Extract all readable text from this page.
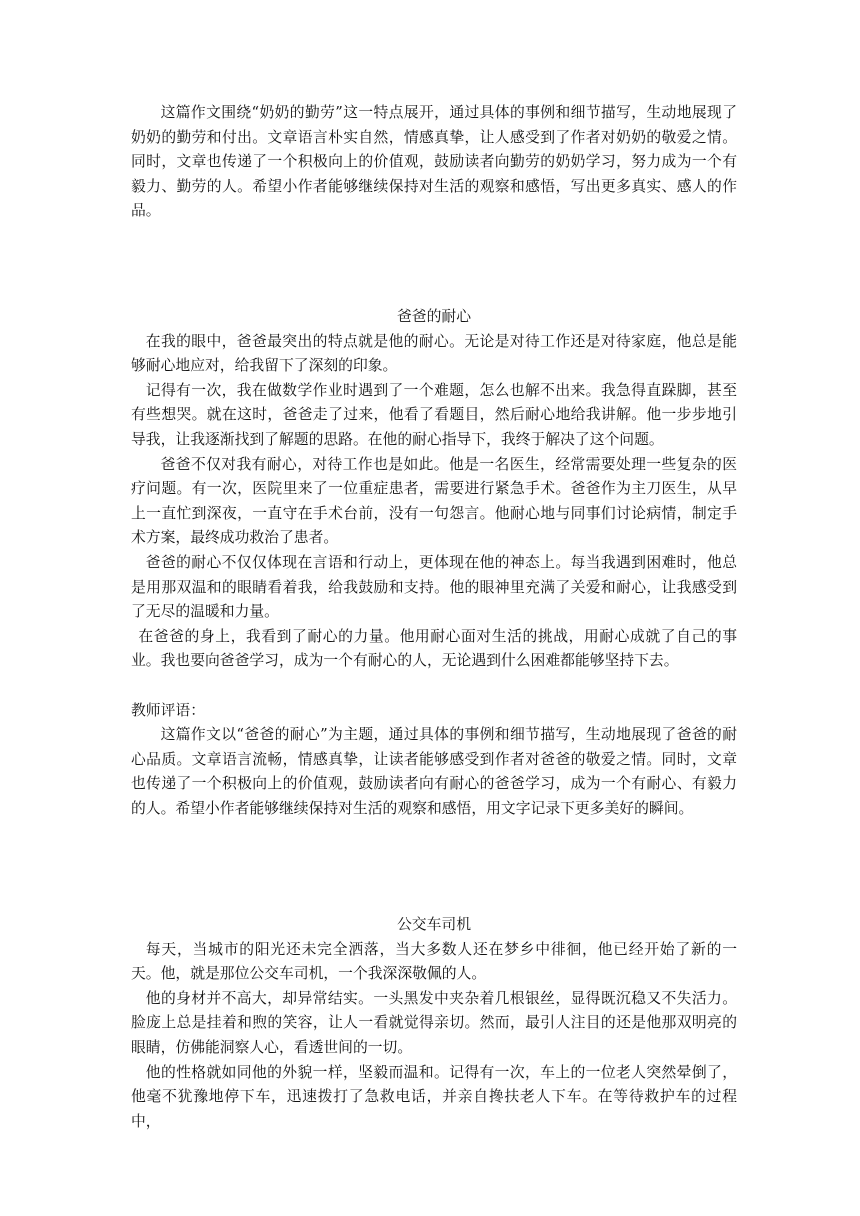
这篇作文围绕“奶奶的勤劳”这一特点展开，通过具体的事例和细节描写，生动地展现了奶奶的勤劳和付出。文章语言朴实自然，情感真挚，让人感受到了作者对奶奶的敬爱之情。同时，文章也传递了一个积极向上的价值观，鼓励读者向勤劳的奶奶学习，努力成为一个有毅力、勤劳的人。希望小作者能够继续保持对生活的观察和感悟，写出更多真实、感人的作品。

爸爸的耐心

在我的眼中，爸爸最突出的特点就是他的耐心。无论是对待工作还是对待家庭，他总是能够耐心地应对，给我留下了深刻的印象。

记得有一次，我在做数学作业时遇到了一个难题，怎么也解不出来。我急得直跺脚，甚至有些想哭。就在这时，爸爸走了过来，他看了看题目，然后耐心地给我讲解。他一步步地引导我，让我逐渐找到了解题的思路。在他的耐心指导下，我终于解决了这个问题。

爸爸不仅对我有耐心，对待工作也是如此。他是一名医生，经常需要处理一些复杂的医疗问题。有一次，医院里来了一位重症患者，需要进行紧急手术。爸爸作为主刀医生，从早上一直忙到深夜，一直守在手术台前，没有一句怨言。他耐心地与同事们讨论病情，制定手术方案，最终成功救治了患者。

爸爸的耐心不仅仅体现在言语和行动上，更体现在他的神态上。每当我遇到困难时，他总是用那双温和的眼睛看着我，给我鼓励和支持。他的眼神里充满了关爱和耐心，让我感受到了无尽的温暖和力量。

在爸爸的身上，我看到了耐心的力量。他用耐心面对生活的挑战，用耐心成就了自己的事业。我也要向爸爸学习，成为一个有耐心的人，无论遇到什么困难都能够坚持下去。

教师评语：

这篇作文以“爸爸的耐心”为主题，通过具体的事例和细节描写，生动地展现了爸爸的耐心品质。文章语言流畅，情感真挚，让读者能够感受到作者对爸爸的敬爱之情。同时，文章也传递了一个积极向上的价值观，鼓励读者向有耐心的爸爸学习，成为一个有耐心、有毅力的人。希望小作者能够继续保持对生活的观察和感悟，用文字记录下更多美好的瞬间。

公交车司机

每天，当城市的阳光还未完全洒落，当大多数人还在梦乡中徘徊，他已经开始了新的一天。他，就是那位公交车司机，一个我深深敬佩的人。

他的身材并不高大，却异常结实。一头黑发中夹杂着几根银丝，显得既沉稳又不失活力。脸庞上总是挂着和煦的笑容，让人一看就觉得亲切。然而，最引人注目的还是他那双明亮的眼睛，仿佛能洞察人心，看透世间的一切。

他的性格就如同他的外貌一样，坚毅而温和。记得有一次，车上的一位老人突然晕倒了，他毫不犹豫地停下车，迅速拨打了急救电话，并亲自搀扶老人下车。在等待救护车的过程中，
